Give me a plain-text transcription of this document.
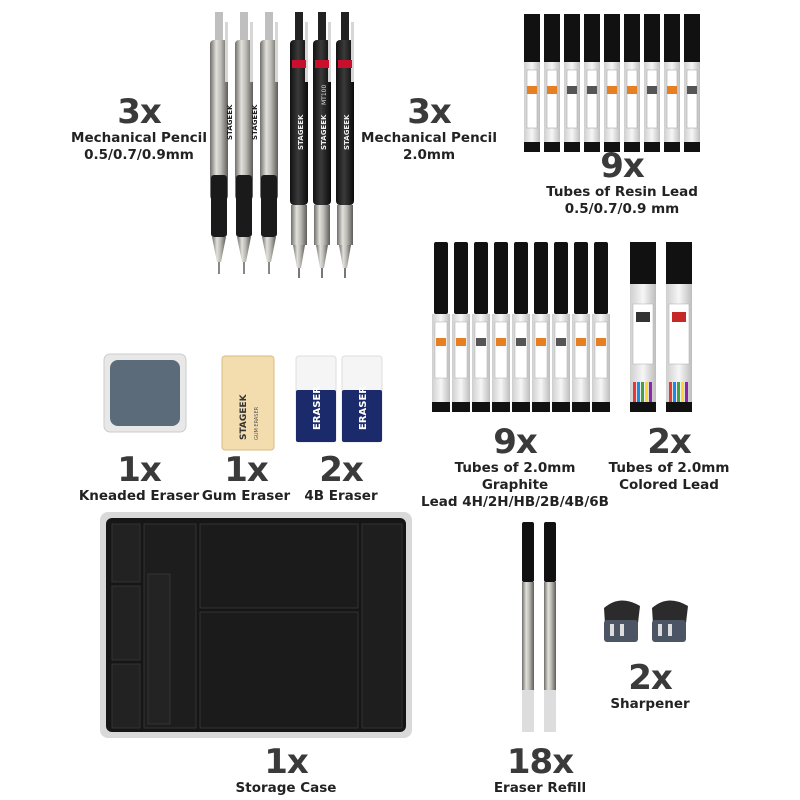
STAGEEK STAGEEK	STAGEEK STAGEEK STAGEEK
MT100
STAGEEK GUM ERASER	ERASER	ERASER
3x
Mechanical Pencil
0.5/0.7/0.9mm
3x
Mechanical Pencil
2.0mm	9x
Tubes of Resin Lead
0.5/0.7/0.9 mm
9x
Tubes of 2.0mm Graphite
Lead 4H/2H/HB/2B/4B/6B
2x
Tubes of 2.0mm
Colored Lead
1x
Kneaded Eraser
1x
Gum Eraser
2x
4B Eraser
1x
Storage Case
18x
Eraser Refill
2x
Sharpener
